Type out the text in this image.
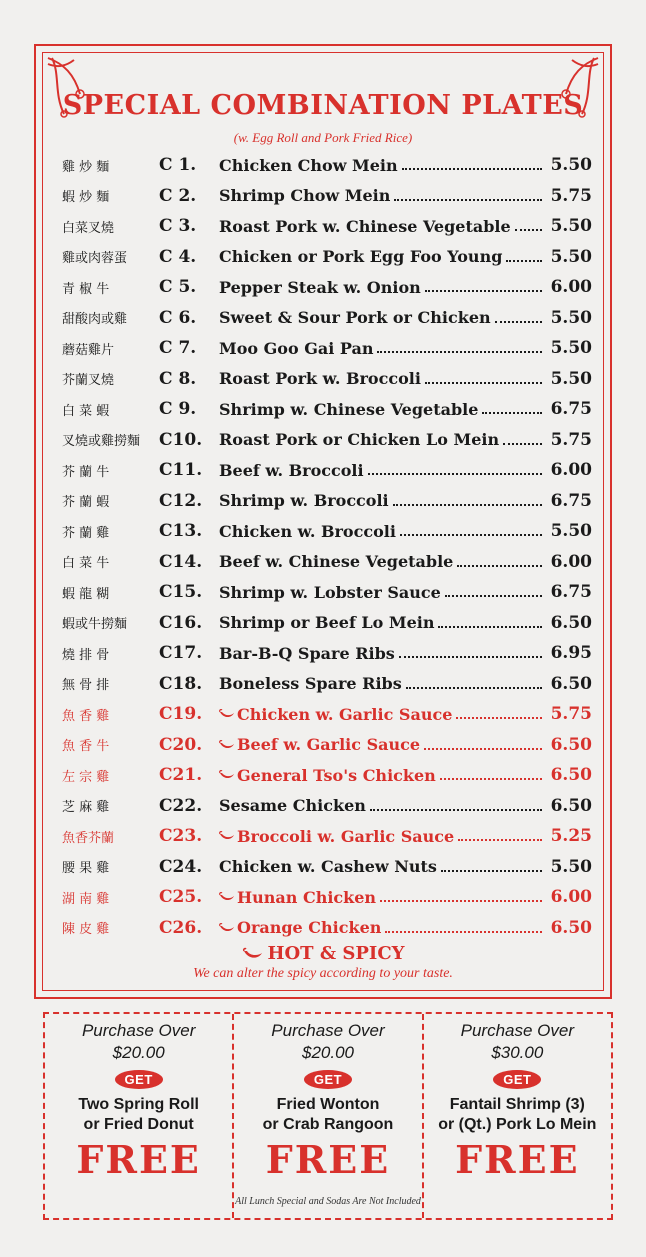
SPECIAL COMBINATION PLATES
(w. Egg Roll and Pork Fried Rice)
雞 炒 麵	C 1.	Chicken Chow Mein	5.50
蝦 炒 麵	C 2.	Shrimp Chow Mein	5.75
白菜叉燒	C 3.	Roast Pork w. Chinese Vegetable 5.50
雞或肉蓉蛋	C 4.	Chicken or Pork Egg Foo Young	5.50
青 椒 牛	C 5.	Pepper Steak w. Onion	6.00
甜酸肉或雞	C 6.	Sweet & Sour Pork or Chicken	5.50
蘑菇雞片	C 7.	Moo Goo Gai Pan	5.50
芥蘭叉燒	C 8.	Roast Pork w. Broccoli	5.50
白 菜 蝦	C 9.	Shrimp w. Chinese Vegetable	6.75
叉燒或雞撈麵	C10.	Roast Pork or Chicken Lo Mein	5.75
芥 蘭 牛	C11.	Beef w. Broccoli	6.00
芥 蘭 蝦	C12.	Shrimp w. Broccoli	6.75
芥 蘭 雞	C13.	Chicken w. Broccoli	5.50
白 菜 牛	C14.	Beef w. Chinese Vegetable	6.00
蝦 龍 糊	C15.	Shrimp w. Lobster Sauce	6.75
蝦或牛撈麵	C16.	Shrimp or Beef Lo Mein	6.50
燒 排 骨	C17.	Bar-B-Q Spare Ribs	6.95
無 骨 排	C18.	Boneless Spare Ribs	6.50
魚 香 雞	C19.	Chicken w. Garlic Sauce	5.75
魚 香 牛	C20.	Beef w. Garlic Sauce	6.50
左 宗 雞	C21.	General Tso's Chicken	6.50
芝 麻 雞	C22.	Sesame Chicken	6.50
魚香芥蘭	C23.	Broccoli w. Garlic Sauce	5.25
腰 果 雞	C24.	Chicken w. Cashew Nuts	5.50
湖 南 雞	C25.	Hunan Chicken	6.00
陳 皮 雞	C26.	Orange Chicken	6.50
HOT & SPICY
We can alter the spicy according to your taste.
Purchase Over
$20.00
GET
Two Spring Roll
or Fried Donut
FREE
Purchase Over
$20.00
GET
Fried Wonton
or Crab Rangoon
FREE
Purchase Over
$30.00
GET
Fantail Shrimp (3)
or (Qt.) Pork Lo Mein
FREE
All Lunch Special and Sodas Are Not Included
